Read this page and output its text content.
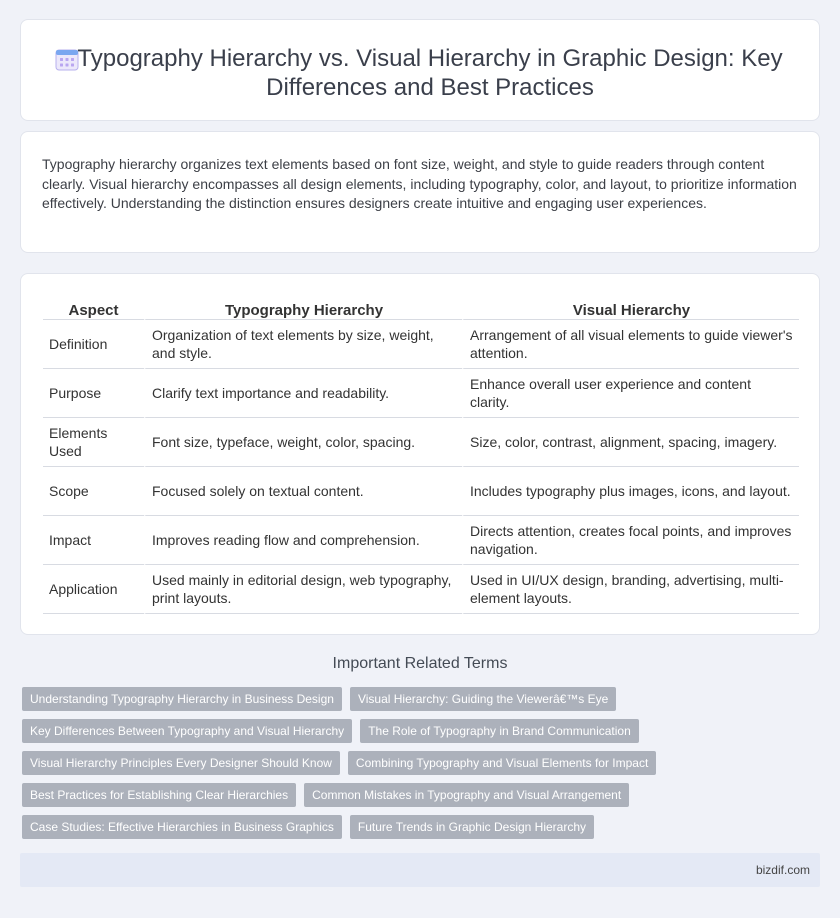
Typography Hierarchy vs. Visual Hierarchy in Graphic Design: Key Differences and Best Practices

Typography hierarchy organizes text elements based on font size, weight, and style to guide readers through content clearly. Visual hierarchy encompasses all design elements, including typography, color, and layout, to prioritize information effectively. Understanding the distinction ensures designers create intuitive and engaging user experiences.

Aspect	Typography Hierarchy	Visual Hierarchy
Definition	Organization of text elements by size, weight, and style.	Arrangement of all visual elements to guide viewer's attention.
Purpose	Clarify text importance and readability.	Enhance overall user experience and content clarity.
Elements Used	Font size, typeface, weight, color, spacing.	Size, color, contrast, alignment, spacing, imagery.
Scope	Focused solely on textual content.	Includes typography plus images, icons, and layout.
Impact	Improves reading flow and comprehension.	Directs attention, creates focal points, and improves navigation.
Application	Used mainly in editorial design, web typography, print layouts.	Used in UI/UX design, branding, advertising, multi-element layouts.
Important Related Terms
Understanding Typography Hierarchy in Business Design	Visual Hierarchy: Guiding the Viewerâ€™s Eye
Key Differences Between Typography and Visual Hierarchy	The Role of Typography in Brand Communication
Visual Hierarchy Principles Every Designer Should Know	Combining Typography and Visual Elements for Impact
Best Practices for Establishing Clear Hierarchies	Common Mistakes in Typography and Visual Arrangement
Case Studies: Effective Hierarchies in Business Graphics	Future Trends in Graphic Design Hierarchy
bizdif.com
